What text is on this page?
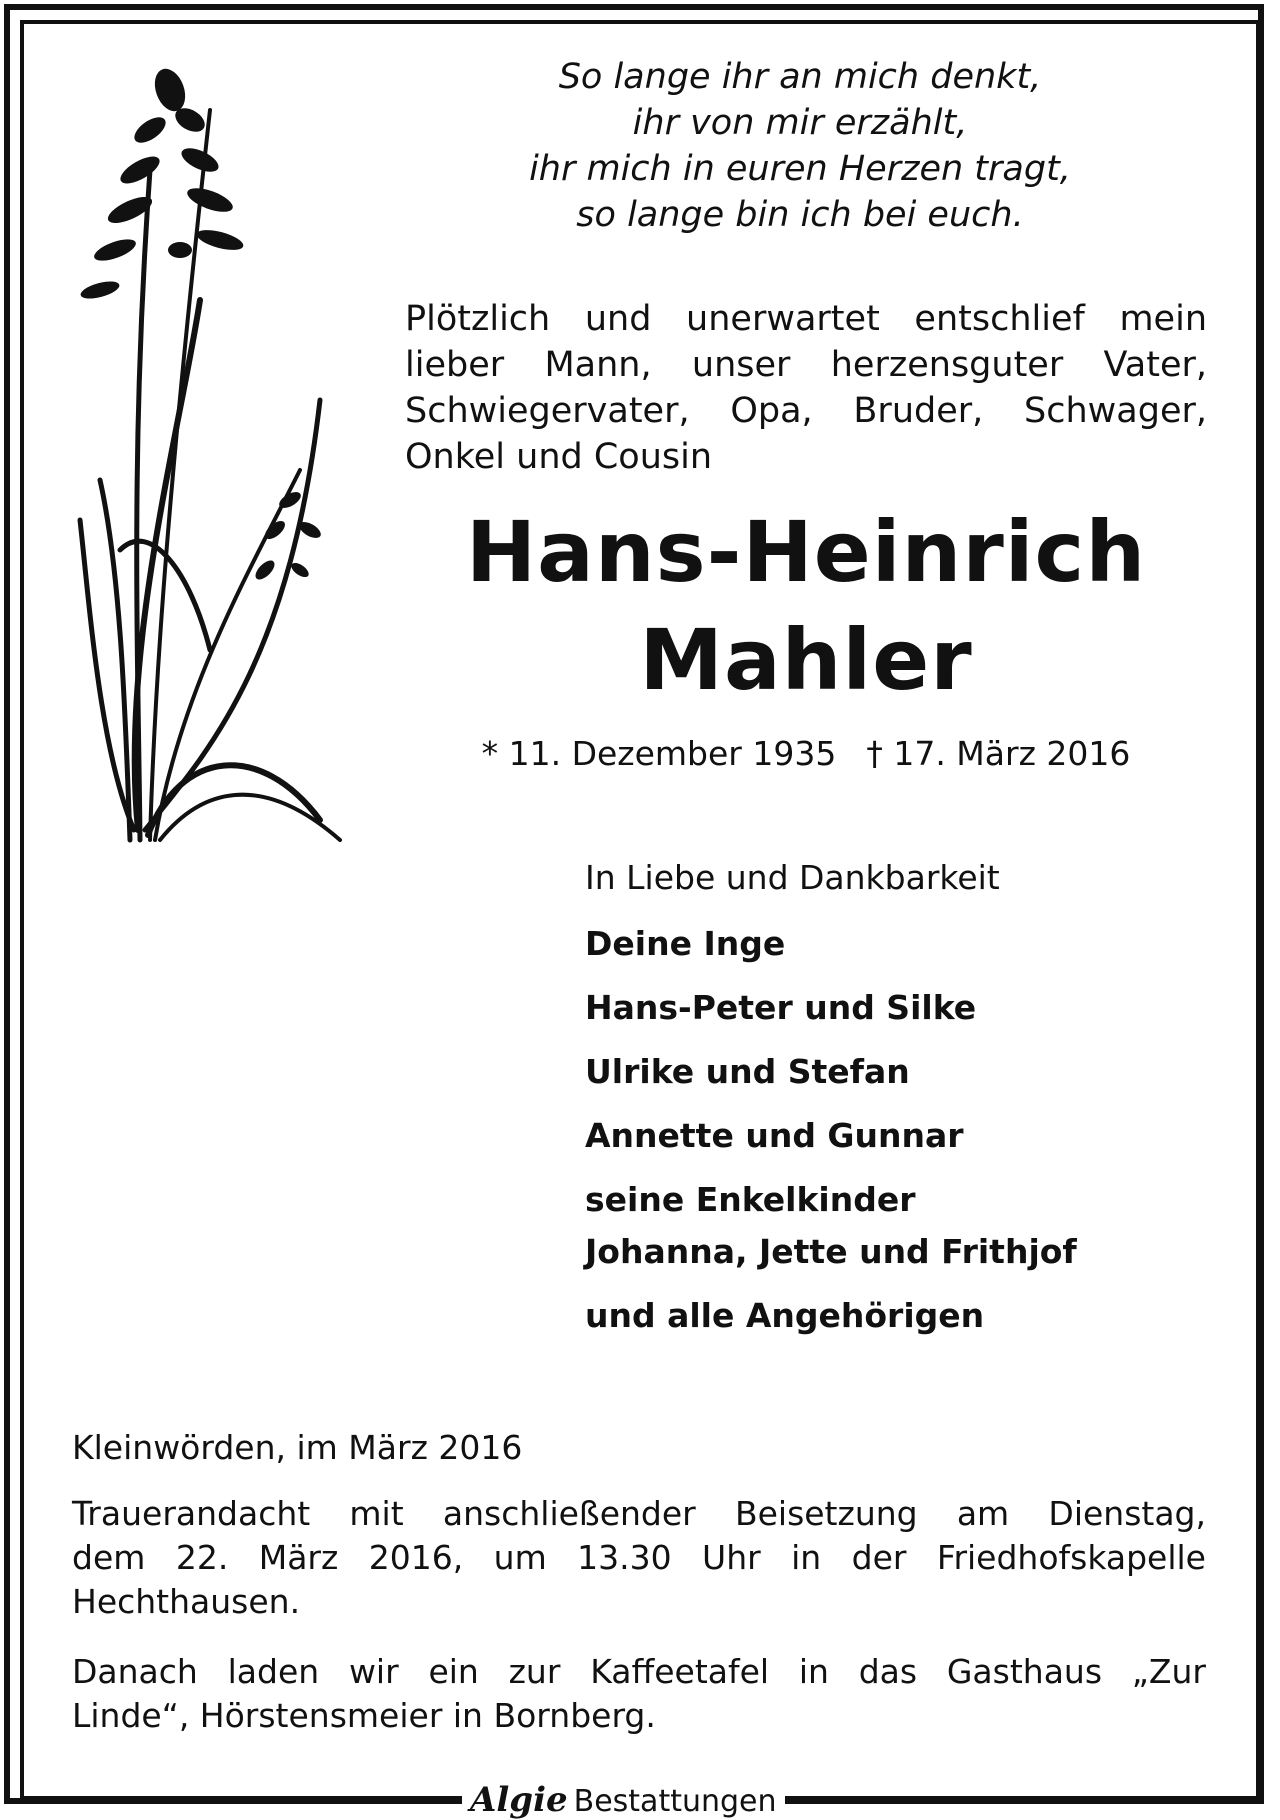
So lange ihr an mich denkt,
ihr von mir erzählt,
ihr mich in euren Herzen tragt,
so lange bin ich bei euch.
Plötzlich und unerwartet entschlief mein
lieber Mann, unser herzensguter Vater,
Schwiegervater, Opa, Bruder, Schwager,
Onkel und Cousin
Hans-Heinrich
Mahler
* 11. Dezember 1935 † 17. März 2016
In Liebe und Dankbarkeit
Deine Inge
Hans-Peter und Silke
Ulrike und Stefan
Annette und Gunnar
seine Enkelkinder
Johanna, Jette und Frithjof
und alle Angehörigen
Kleinwörden, im März 2016
Trauerandacht mit anschließender Beisetzung am Dienstag,
dem 22. März 2016, um 13.30 Uhr in der Friedhofskapelle
Hechthausen.
Danach laden wir ein zur Kaffeetafel in das Gasthaus „Zur
Linde“, Hörstensmeier in Bornberg.
Algie Bestattungen
